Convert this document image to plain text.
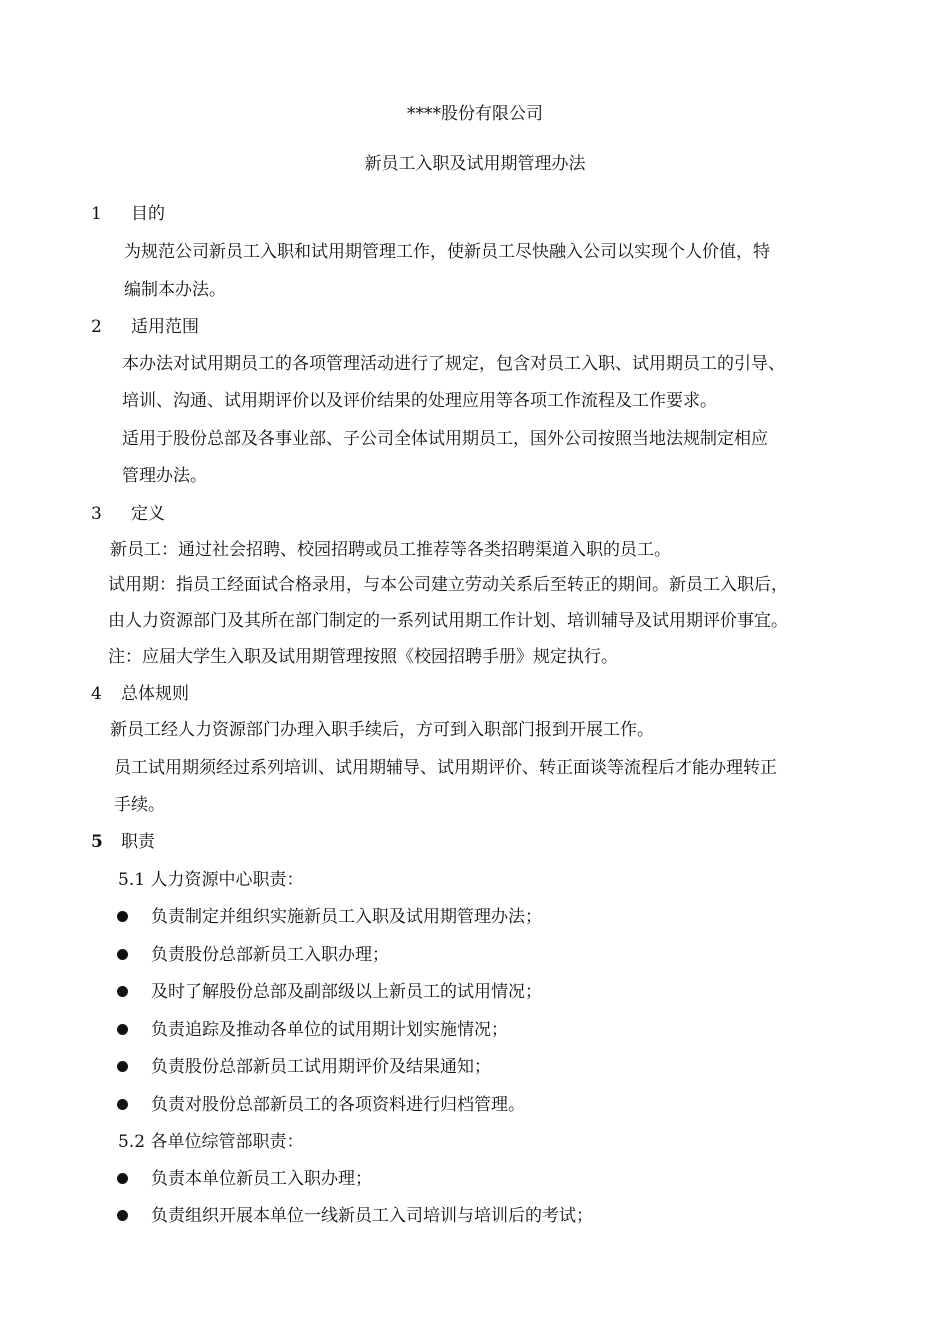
****股份有限公司
新员工入职及试用期管理办法
1 目的
为规范公司新员工入职和试用期管理工作，使新员工尽快融入公司以实现个人价值，特
编制本办法。
2 适用范围
本办法对试用期员工的各项管理活动进行了规定，包含对员工入职、试用期员工的引导、
培训、沟通、试用期评价以及评价结果的处理应用等各项工作流程及工作要求。
适用于股份总部及各事业部、子公司全体试用期员工，国外公司按照当地法规制定相应
管理办法。
3 定义
新员工：通过社会招聘、校园招聘或员工推荐等各类招聘渠道入职的员工。
试用期：指员工经面试合格录用，与本公司建立劳动关系后至转正的期间。新员工入职后，
由人力资源部门及其所在部门制定的一系列试用期工作计划、培训辅导及试用期评价事宜。
注：应届大学生入职及试用期管理按照《校园招聘手册》规定执行。
4 总体规则
新员工经人力资源部门办理入职手续后，方可到入职部门报到开展工作。
员工试用期须经过系列培训、试用期辅导、试用期评价、转正面谈等流程后才能办理转正
手续。
5 职责
5.1 人力资源中心职责：
负责制定并组织实施新员工入职及试用期管理办法；
负责股份总部新员工入职办理；
及时了解股份总部及副部级以上新员工的试用情况；
负责追踪及推动各单位的试用期计划实施情况；
负责股份总部新员工试用期评价及结果通知；
负责对股份总部新员工的各项资料进行归档管理。
5.2 各单位综管部职责：
负责本单位新员工入职办理；
负责组织开展本单位一线新员工入司培训与培训后的考试；
